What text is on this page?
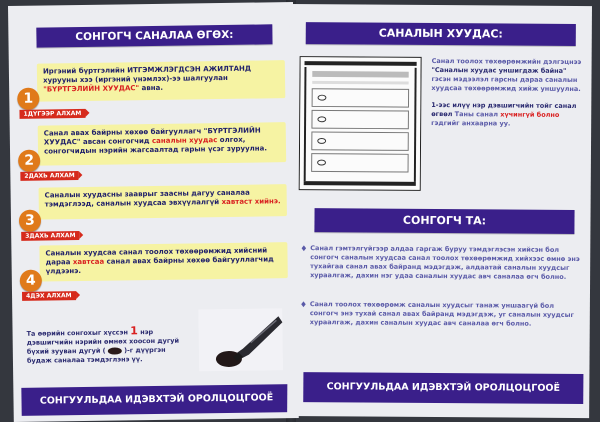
СОНГОГЧ САНАЛАА ӨГӨХ:
Иргэний бүртгэлийн ИТГЭМЖЛЭГДСЭН АЖИЛТАНД хурууны хээ (иргэний үнэмлэх)-ээ шалгуулан "БҮРТГЭЛИЙН ХУУДАС" авна.
1
1ДҮГЭЭР АЛХАМ
Санал авах байрны хөхөө байгууллагч "БҮРТГЭЛИЙН ХУУДАС" авсан сонгогчид саналын хуудас олгох, сонгогчидын нэрийн жагсаалтад гарын үсэг зуруулна.
2
2ДАХЬ АЛХАМ
Саналын хуудасны зааврыг заасны дагуу саналаа тэмдэглээд, саналын хуудсаа эвхүүлалгүй хавтаст хийнэ.
3
3ДАХЬ АЛХАМ
Саналын хуудсаа санал тоолох төхөөрөмжид хийсний дараа хавтсаа санал авах байрны хөхөө байгууллагчид үлдээнэ.
4
4ДЭХ АЛХАМ
Та өөрийн сонгохыг хүссэн 1 нэр дэвшигчийн нэрийн өмнөх хоосон дугуй бүхий зууван дугуй (  )-г дүүргэн будаж саналаа тэмдэглэнэ үү.
СОНГУУЛЬДАА ИДЭВХТЭЙ ОРОЛЦОЦГООЁ
САНАЛЫН ХУУДАС:
Санал тоолох төхөөрөмжийн дэлгэцнээ "Саналын хуудас уншигдаж байна" гэсэн мэдээлэл гарсны дараа саналын хуудсаа төхөөрөмжид хийж уншуулна.
1-ээс илүү нэр дэвшигчийн тойг санал өгвөл Таны санал хүчингүй болно гэдгийг анхаарна уу.
СОНГОГЧ ТА:
♦ Санал гэмтэлгүйгээр алдаа гаргаж буруу тэмдэглэсэн хийсэн бол сонгогч саналын хуудсаа санал тоолох төхөөрөмжид хийхээс өмнө энэ тухайгаа санал авах байранд мэдэгдэж, алдаатай саналын хуудсыг хураалгаж, дахин нэг удаа саналын хуудас авч саналаа өгч болно.
♦ Санал тоолох төхөөрөмж саналын хуудсыг танаж уншаагүй бол сонгогч энэ тухай санал авах байранд мэдэгдэж, уг саналын хуудсыг хураалгаж, дахин саналын хуудас авч саналаа өгч болно.
СОНГУУЛЬДАА ИДЭВХТЭЙ ОРОЛЦОЦГООЁ
